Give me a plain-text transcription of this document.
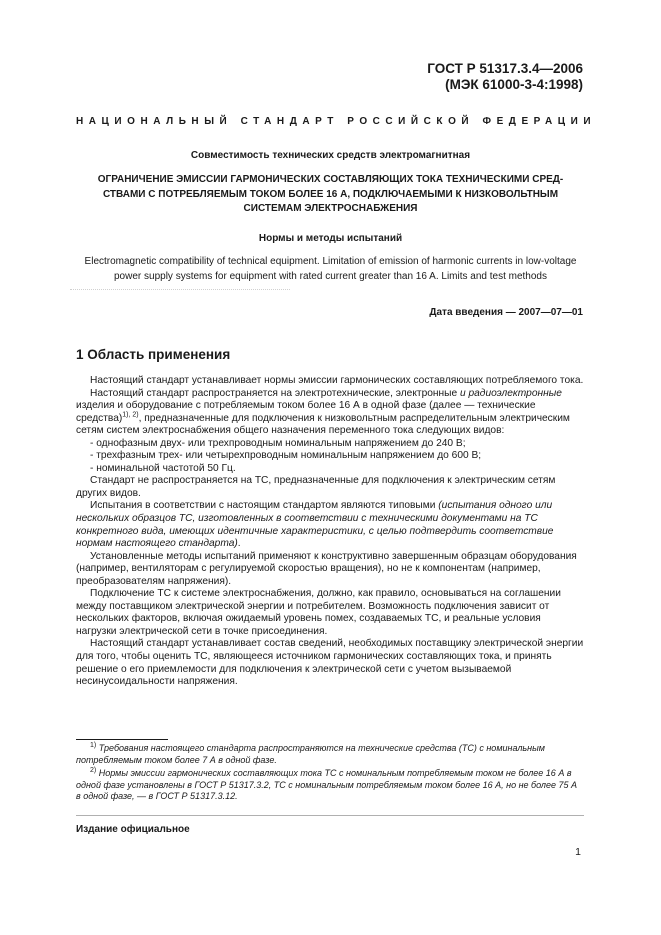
ГОСТ Р 51317.3.4—2006
(МЭК 61000-3-4:1998)
НАЦИОНАЛЬНЫЙ СТАНДАРТ РОССИЙСКОЙ ФЕДЕРАЦИИ
Совместимость технических средств электромагнитная
ОГРАНИЧЕНИЕ ЭМИССИИ ГАРМОНИЧЕСКИХ СОСТАВЛЯЮЩИХ ТОКА ТЕХНИЧЕСКИМИ СРЕД-
СТВАМИ С ПОТРЕБЛЯЕМЫМ ТОКОМ БОЛЕЕ 16 А, ПОДКЛЮЧАЕМЫМИ К НИЗКОВОЛЬТНЫМ
СИСТЕМАМ ЭЛЕКТРОСНАБЖЕНИЯ
Нормы и методы испытаний
Electromagnetic compatibility of technical equipment. Limitation of emission of harmonic currents in low-voltage
power supply systems for equipment with rated current greater than 16 A. Limits and test methods
Дата введения — 2007—07—01
1 Область применения

Настоящий стандарт устанавливает нормы эмиссии гармонических составляющих потребляемого тока.

Настоящий стандарт распространяется на электротехнические, электронные и радиоэлектронные изделия и оборудование с потребляемым током более 16 А в одной фазе (далее — технические средства)$^{1), 2)}$, предназначенные для подключения к низковольтным распределительным электрическим сетям систем электроснабжения общего назначения переменного тока следующих видов:

- однофазным двух- или трехпроводным номинальным напряжением до 240 В;

- трехфазным трех- или четырехпроводным номинальным напряжением до 600 В;

- номинальной частотой 50 Гц.

Стандарт не распространяется на ТС, предназначенные для подключения к электрическим сетям других видов.

Испытания в соответствии с настоящим стандартом являются типовыми (испытания одного или нескольких образцов ТС, изготовленных в соответствии с техническими документами на ТС конкретного вида, имеющих идентичные характеристики, с целью подтвердить соответствие нормам настоящего стандарта).

Установленные методы испытаний применяют к конструктивно завершенным образцам оборудования (например, вентиляторам с регулируемой скоростью вращения), но не к компонентам (например, преобразователям напряжения).

Подключение ТС к системе электроснабжения, должно, как правило, основываться на соглашении между поставщиком электрической энергии и потребителем. Возможность подключения зависит от нескольких факторов, включая ожидаемый уровень помех, создаваемых ТС, и реальные условия нагрузки электрической сети в точке присоединения.

Настоящий стандарт устанавливает состав сведений, необходимых поставщику электрической энергии для того, чтобы оценить ТС, являющееся источником гармонических составляющих тока, и принять решение о его приемлемости для подключения к электрической сети с учетом вызываемой несинусоидальности напряжения.

$^{1)}$ Требования настоящего стандарта распространяются на технические средства (ТС) с номинальным потребляемым током более 7 А в одной фазе.
$^{2)}$ Нормы эмиссии гармонических составляющих тока ТС с номинальным потребляемым током не более 16 А в одной фазе установлены в ГОСТ Р 51317.3.2, ТС с номинальным потребляемым током более 16 А, но не более 75 А в одной фазе, — в ГОСТ Р 51317.3.12.
Издание официальное
1
